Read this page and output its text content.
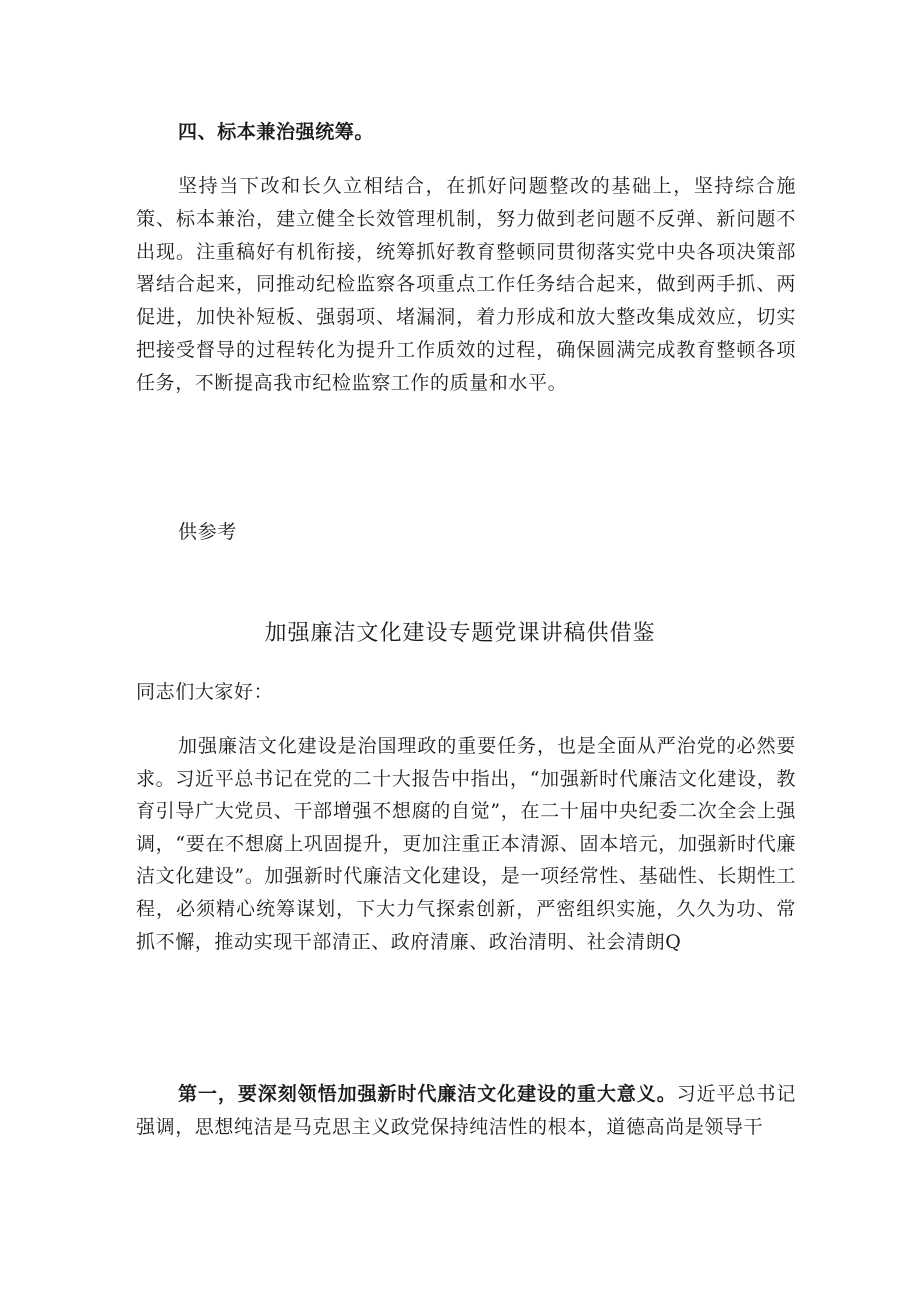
四、标本兼治强统筹。

坚持当下改和长久立相结合，在抓好问题整改的基础上，坚持综合施策、标本兼治，建立健全长效管理机制，努力做到老问题不反弹、新问题不出现。注重稿好有机衔接，统筹抓好教育整顿同贯彻落实党中央各项决策部署结合起来，同推动纪检监察各项重点工作任务结合起来，做到两手抓、两促进，加快补短板、强弱项、堵漏洞，着力形成和放大整改集成效应，切实把接受督导的过程转化为提升工作质效的过程，确保圆满完成教育整顿各项任务，不断提高我市纪检监察工作的质量和水平。

供参考

加强廉洁文化建设专题党课讲稿供借鉴

同志们大家好：

加强廉洁文化建设是治国理政的重要任务，也是全面从严治党的必然要求。习近平总书记在党的二十大报告中指出，“加强新时代廉洁文化建设，教育引导广大党员、干部增强不想腐的自觉”，在二十届中央纪委二次全会上强调，“要在不想腐上巩固提升，更加注重正本清源、固本培元，加强新时代廉洁文化建设”。加强新时代廉洁文化建设，是一项经常性、基础性、长期性工程，必须精心统筹谋划，下大力气探索创新，严密组织实施，久久为功、常抓不懈，推动实现干部清正、政府清廉、政治清明、社会清朗Q

第一，要深刻领悟加强新时代廉洁文化建设的重大意义。习近平总书记强调，思想纯洁是马克思主义政党保持纯洁性的根本，道德高尚是领导干
